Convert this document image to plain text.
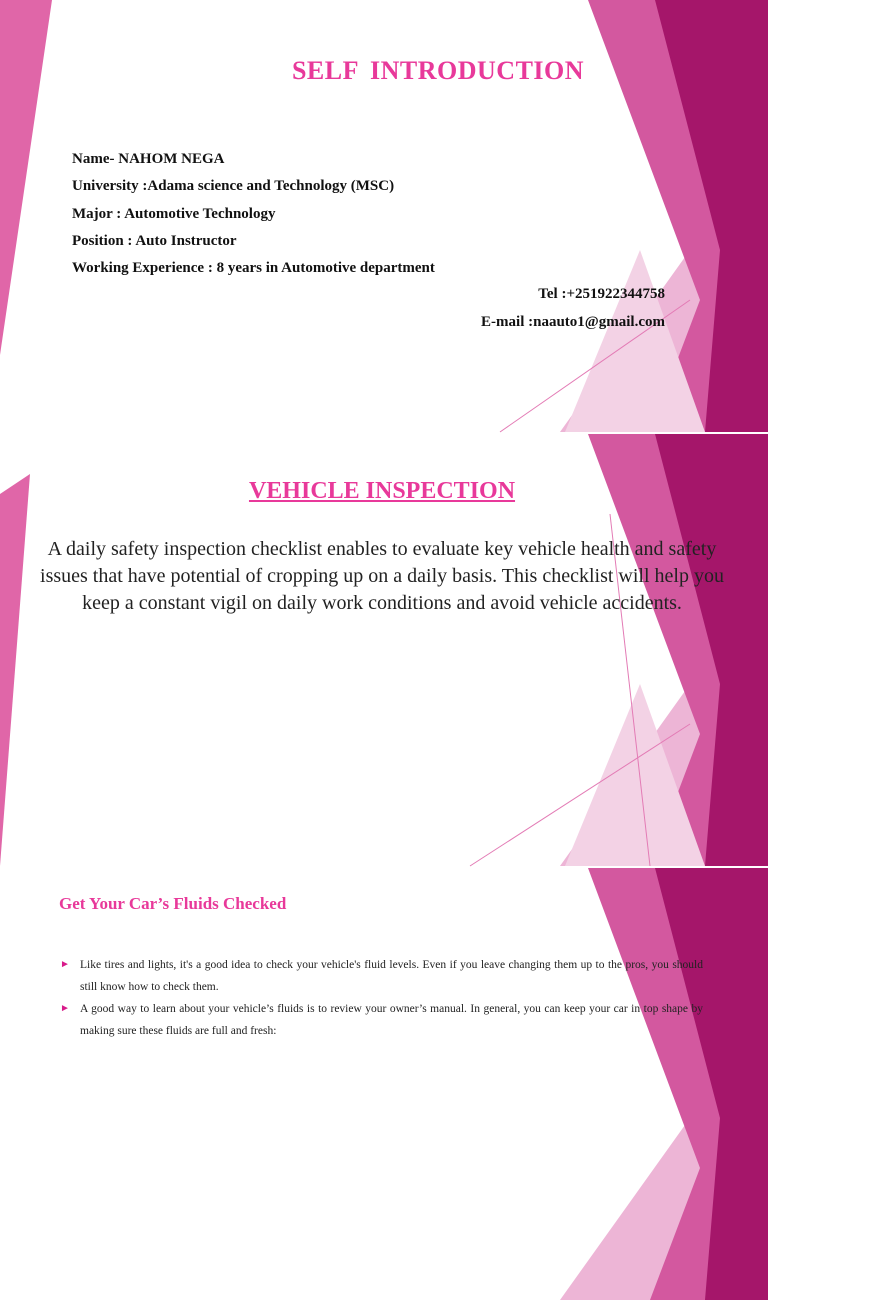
SELF INTRODUCTION
Name- NAHOM NEGA
University :Adama science and Technology (MSC)
Major : Automotive Technology
Position : Auto Instructor
Working Experience : 8 years in Automotive department
Tel :+251922344758
E-mail :naauto1@gmail.com
VEHICLE INSPECTION

A daily safety inspection checklist enables to evaluate key vehicle health and safety issues that have potential of cropping up on a daily basis. This checklist will help you keep a constant vigil on daily work conditions and avoid vehicle accidents.

Get Your Car’s Fluids Checked
► Like tires and lights, it's a good idea to check your vehicle's fluid levels. Even if you leave changing them up to the pros, you should still know how to check them.
► A good way to learn about your vehicle’s fluids is to review your owner’s manual. In general, you can keep your car in top shape by making sure these fluids are full and fresh:
